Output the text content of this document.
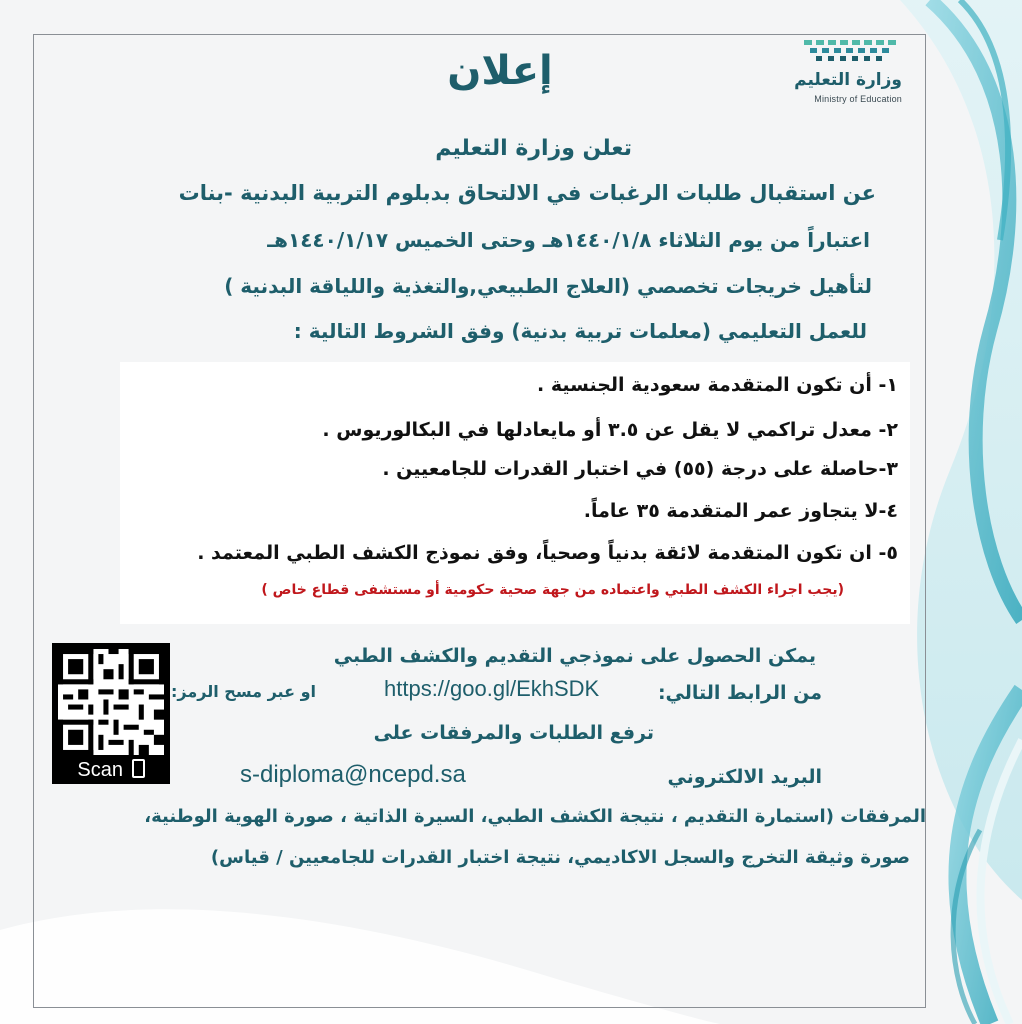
وزارة التعليم
Ministry of Education
إعلان
تعلن وزارة التعليم
عن استقبال طلبات الرغبات في الالتحاق بدبلوم التربية البدنية -بنات
اعتباراً من يوم الثلاثاء ١٤٤٠/١/٨هـ وحتى الخميس ١٤٤٠/١/١٧هـ
لتأهيل خريجات تخصصي (العلاج الطبيعي,والتغذية واللياقة البدنية )
للعمل التعليمي (معلمات تربية بدنية) وفق الشروط التالية :
١- أن تكون المتقدمة سعودية الجنسية .
٢- معدل تراكمي لا يقل عن ٣.٥ أو مايعادلها في البكالوريوس .
٣-حاصلة على درجة (٥٥) في اختبار القدرات للجامعيين .
٤-لا يتجاوز عمر المتقدمة ٣٥ عاماً.
٥- ان تكون المتقدمة لائقة بدنياً وصحياً، وفق نموذج الكشف الطبي المعتمد .
(يجب اجراء الكشف الطبي واعتماده من جهة صحية حكومية أو مستشفى قطاع خاص )
يمكن الحصول على نموذجي التقديم والكشف الطبي
من الرابط التالي:
https://goo.gl/EkhSDK
او عبر مسح الرمز:
ترفع الطلبات والمرفقات على
البريد الالكتروني
s-diploma@ncepd.sa
المرفقات (استمارة التقديم ، نتيجة الكشف الطبي، السيرة الذاتية ، صورة الهوية الوطنية،
صورة وثيقة التخرج والسجل الاكاديمي، نتيجة اختبار القدرات للجامعيين / قياس)
Scan
